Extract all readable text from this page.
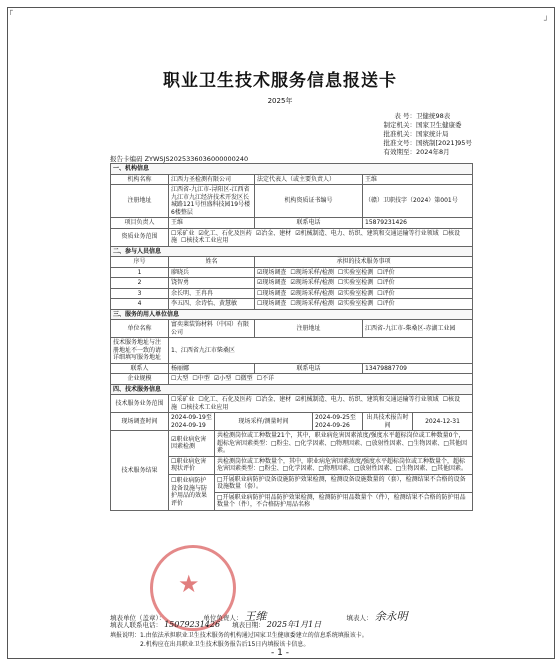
┌
┘
职业卫生技术服务信息报送卡
2025年
表 号：卫健统98表
制定机关：国家卫生健康委
批准机关：国家统计局
批准文号：国统制[2021]95号
有效期至：2024年8月
报告卡编码 ZYWSJS2025336036000000240
一、机构信息						
机构名称	江西力圣检测有限公司		法定代表人（或主要负责人）		王维	
注册地址	江西省-九江市-浔阳区-江西省九江市九江经济技术开发区长城路121号恒盛科技园19号楼6楼整层		机构资质证书编号		（赣）卫职技字（2024）第001号	
项目负责人	王维		联系电话		15879231426	
资质业务范围	☐ 采矿业 ☑ 化工、石化及医药 ☑ 冶金、建材 ☑ 机械制造、电力、纺织、建筑和交通运输等行业领域 ☐ 核设施 ☐ 核技术工业应用
二、参与人员信息						
序号	姓名		承担的技术服务事项			
1	廖晓兵		☑ 现场调查 ☐ 现场采样/检测 ☐ 实验室检测 ☐ 评价
2	饶智勇		☑ 现场调查 ☑ 现场采样/检测 ☐ 实验室检测 ☐ 评价
3	余长明、王冉冉		☐ 现场调查 ☑ 现场采样/检测 ☑ 实验室检测 ☐ 评价
4	李五四、余诗怡、黄慧敏		☐ 现场调查 ☐ 现场采样/检测 ☑ 实验室检测 ☐ 评价
三、服务的用人单位信息						
单位名称	富奕莱装饰材料（中国）有限公司		注册地址		江西省-九江市-柴桑区-赤湖工业园	
技术服务地址与注册地址不一致的请详细填写服务地址	1、江西省九江市柴桑区					
联系人	杨丽娜		联系电话		13479887709	
企业规模	☐ 大型 ☐ 中型 ☑ 小型 ☐ 微型 ☐ 不详
四、技术服务信息						
技术服务业务范围	☐ 采矿业 ☐ 化工、石化及医药 ☐ 冶金、建材 ☑ 机械制造、电力、纺织、建筑和交通运输等行业领域 ☐ 核设施 ☐ 核技术工业应用
现场调查时间	2024-09-19至2024-09-19	现场采样/测量时间		2024-09-25至2024-09-26	出具技术报告时间	2024-12-31
技术服务结果	☑ 职业病危害因素检测	共检测岗位或工种数量21个，其中，职业病危害因素浓度/强度水平超标岗位或工种数量0个，超标危害因素类型：□粉尘、□化学因素、□物理因素、□放射性因素、□生物因素、□其他因素。				
	☐ 职业病危害现状评价	共检测岗位或工种数量个，其中，职业病危害因素浓度/强度水平超标岗位或工种数量个，超标危害因素类型：□粉尘、□化学因素、□物理因素、□放射性因素、□生物因素、□其他因素。				
	☐ 职业病防护设备设施与防护用品的效果评价	□开展职业病防护设备设施防护效果检测，检测设备设施数量的（套），检测结果不合格的设备设施数量（套）。				
		□开展职业病防护用品防护效果检测，检测防护用品数量个（件），检测结果不合格的防护用品数量个（件），不合格防护用品名称				
★
填表单位（盖章）：	单位负责人： 王维	填表人： 余永明
填表人联系电话： 15079231426 填表日期： 2025年1月1日
填报说明：1.由依法承担职业卫生技术服务的机构通过国家卫生健康委建立的信息系统填报该卡。
2.机构应在出具职业卫生技术服务报告后15日内填报该卡信息。
- 1 -
